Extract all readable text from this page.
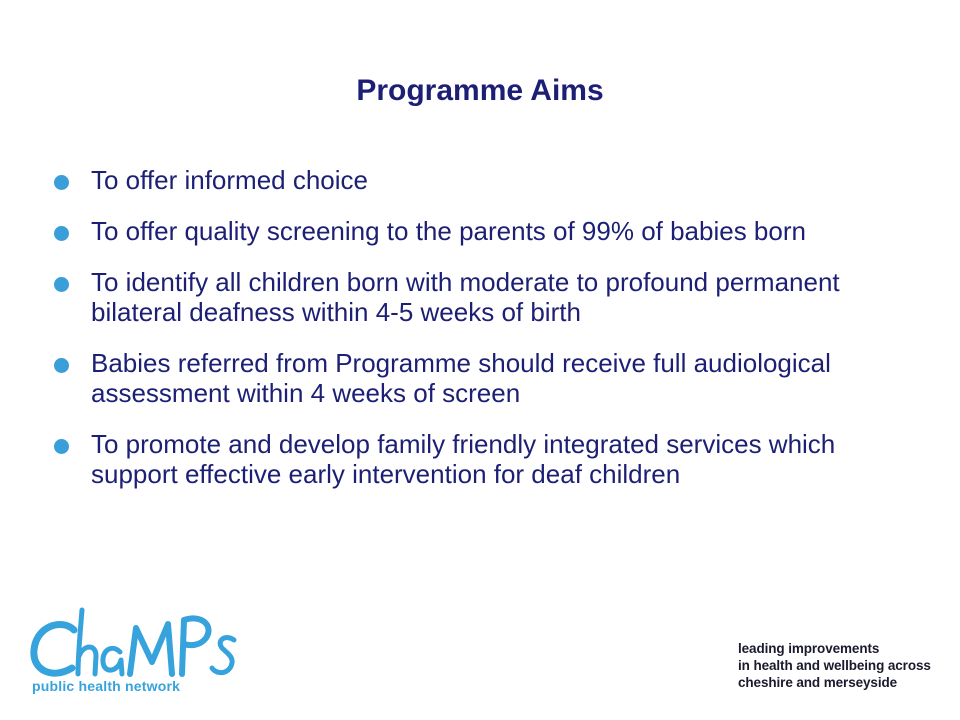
Programme Aims
To offer informed choice
To offer quality screening to the parents of 99% of babies born
To identify all children born with moderate to profound permanent bilateral deafness within 4-5 weeks of birth
Babies referred from Programme should receive full audiological assessment within 4 weeks of screen
To promote and develop family friendly integrated services which support effective early intervention for deaf children
public health network
leading improvements
in health and wellbeing across
cheshire and merseyside
